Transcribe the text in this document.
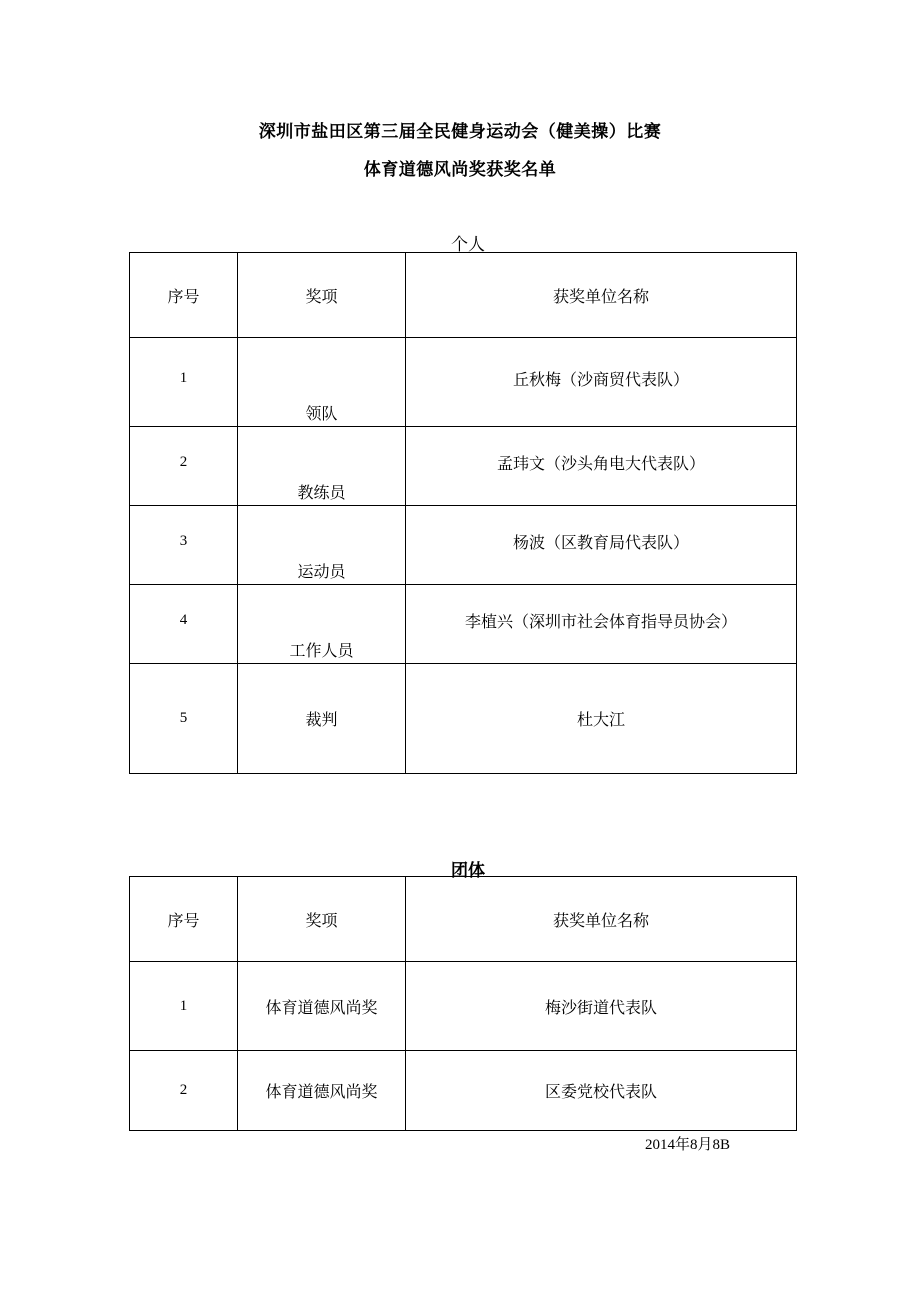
深圳市盐田区第三届全民健身运动会（健美操）比赛
体育道德风尚奖获奖名单
个人
序号	奖项	获奖单位名称
1	领队	丘秋梅（沙商贸代表队）
2	教练员	孟玮文（沙头角电大代表队）
3	运动员	杨波（区教育局代表队）
4	工作人员	李植兴（深圳市社会体育指导员协会）
5	裁判	杜大江
团体
序号	奖项	获奖单位名称
1	体育道德风尚奖	梅沙街道代表队
2	体育道德风尚奖	区委党校代表队
2014年8月8B
